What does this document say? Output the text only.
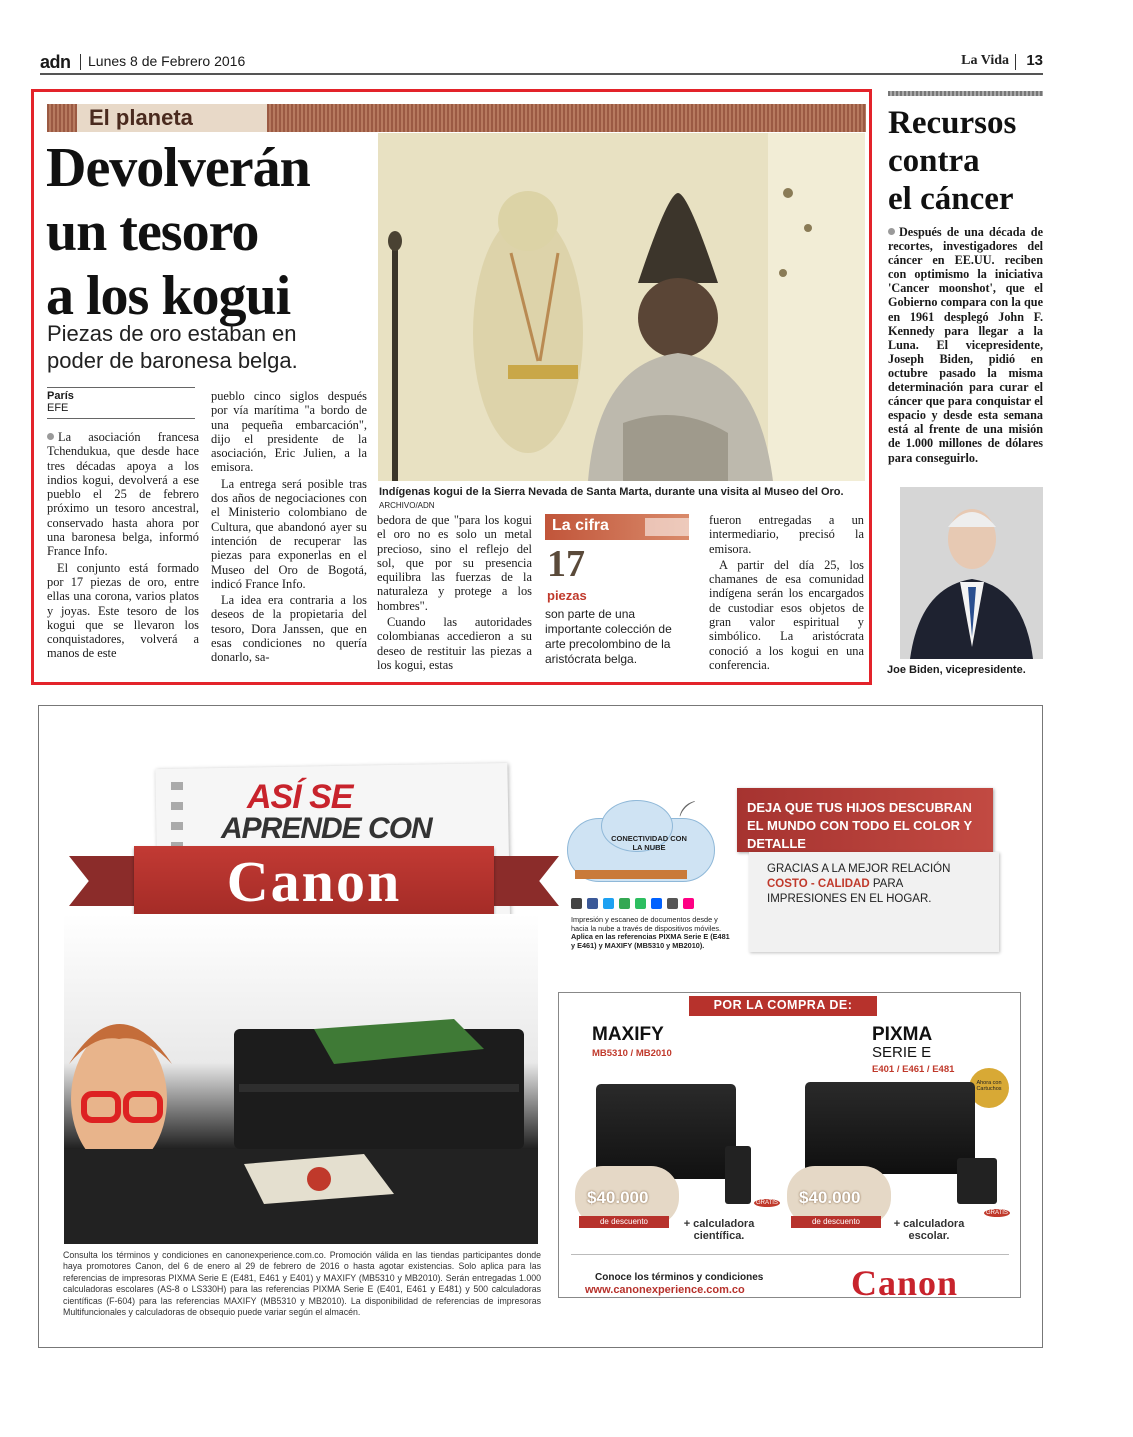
adn Lunes 8 de Febrero 2016	La Vida 13
El planeta
Devolverán
un tesoro
a los kogui
Piezas de oro estaban en poder de baronesa belga.
Indígenas kogui de la Sierra Nevada de Santa Marta, durante una visita al Museo del Oro. ARCHIVO/ADN
París
EFE

La asociación francesa Tchendukua, que desde hace tres décadas apoya a los indios kogui, devolverá a ese pueblo el 25 de febrero próximo un tesoro ancestral, conservado hasta ahora por una baronesa belga, informó France Info.

El conjunto está formado por 17 piezas de oro, entre ellas una corona, varios platos y joyas. Este tesoro de los kogui que se llevaron los conquistadores, volverá a manos de este

pueblo cinco siglos después por vía marítima "a bordo de una pequeña embarcación", dijo el presidente de la asociación, Eric Julien, a la emisora.

La entrega será posible tras dos años de negociaciones con el Ministerio colombiano de Cultura, que abandonó ayer su intención de recuperar las piezas para exponerlas en el Museo del Oro de Bogotá, indicó France Info.

La idea era contraria a los deseos de la propietaria del tesoro, Dora Janssen, que en esas condiciones no quería donarlo, sa-

bedora de que "para los kogui el oro no es solo un metal precioso, sino el reflejo del sol, que por su presencia equilibra las fuerzas de la naturaleza y protege a los hombres".

Cuando las autoridades colombianas accedieron a su deseo de restituir las piezas a los kogui, estas

La cifra
17
piezas
son parte de una importante colección de arte precolombino de la aristócrata belga.

fueron entregadas a un intermediario, precisó la emisora.

A partir del día 25, los chamanes de esa comunidad indígena serán los encargados de custodiar esos objetos de gran valor espiritual y simbólico. La aristócrata conoció a los kogui en una conferencia.

Recursos
contra
el cáncer

Después de una década de recortes, investigadores del cáncer en EE.UU. reciben con optimismo la iniciativa 'Cancer moonshot', que el Gobierno compara con la que en 1961 desplegó John F. Kennedy para llegar a la Luna. El vicepresidente, Joseph Biden, pidió en octubre pasado la misma determinación para curar el cáncer que para conquistar el espacio y desde esta semana está al frente de una misión de 1.000 millones de dólares para conseguirlo.

Joe Biden, vicepresidente.
ASÍ SE
APRENDE CON
Canon
Consulta los términos y condiciones en canonexperience.com.co. Promoción válida en las tiendas participantes donde haya promotores Canon, del 6 de enero al 29 de febrero de 2016 o hasta agotar existencias. Solo aplica para las referencias de impresoras PIXMA Serie E (E481, E461 y E401) y MAXIFY (MB5310 y MB2010). Serán entregadas 1.000 calculadoras escolares (AS-8 o LS330H) para las referencias PIXMA Serie E (E401, E461 y E481) y 500 calculadoras científicas (F-604) para las referencias MAXIFY (MB5310 y MB2010). La disponibilidad de referencias de impresoras Multifuncionales y calculadoras de obsequio puede variar según el almacén.
CONECTIVIDAD CON LA NUBE
⌒
Impresión y escaneo de documentos desde y hacia la nube a través de dispositivos móviles. Aplica en las referencias PIXMA Serie E (E481 y E461) y MAXIFY (MB5310 y MB2010).
DEJA QUE TUS HIJOS DESCUBRAN EL MUNDO CON TODO EL COLOR Y DETALLE
GRACIAS A LA MEJOR RELACIÓN COSTO - CALIDAD PARA IMPRESIONES EN EL HOGAR.
POR LA COMPRA DE:
MAXIFY
MB5310 / MB2010
$40.000
de descuento	+ calculadora científica.
GRATIS
PIXMA
SERIE E
E401 / E461 / E481
Ahora con Cartuchos
$40.000
de descuento	+ calculadora escolar.
GRATIS
Conoce los términos y condiciones
www.canonexperience.com.co	Canon
